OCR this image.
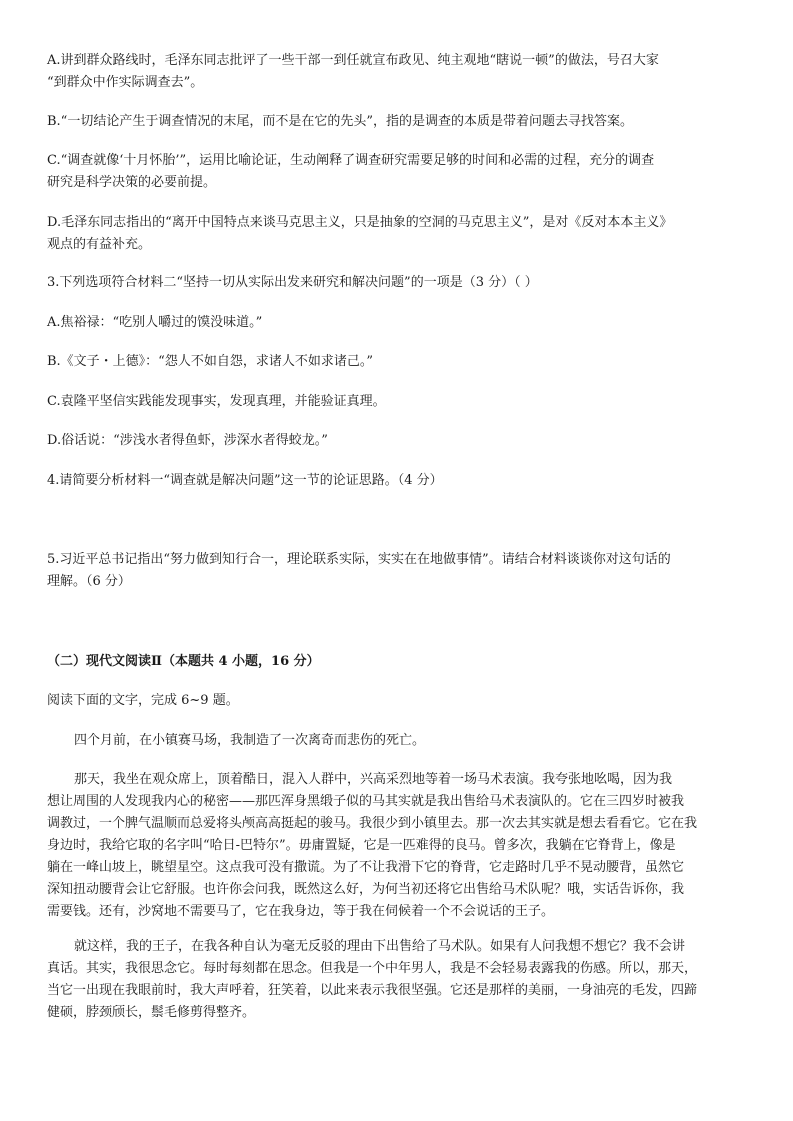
A.讲到群众路线时，毛泽东同志批评了一些干部一到任就宣布政见、纯主观地“瞎说一顿”的做法，号召大家
“到群众中作实际调查去”。
B.“一切结论产生于调查情况的末尾，而不是在它的先头”，指的是调查的本质是带着问题去寻找答案。
C.“调查就像‘十月怀胎’”，运用比喻论证，生动阐释了调查研究需要足够的时间和必需的过程，充分的调查
研究是科学决策的必要前提。
D.毛泽东同志指出的“离开中国特点来谈马克思主义，只是抽象的空洞的马克思主义”，是对《反对本本主义》
观点的有益补充。
3.下列选项符合材料二“坚持一切从实际出发来研究和解决问题”的一项是（3 分）（ ）
A.焦裕禄：“吃别人嚼过的馍没味道。”
B.《文子・上德》：“怨人不如自怨，求诸人不如求诸己。”
C.袁隆平坚信实践能发现事实，发现真理，并能验证真理。
D.俗话说：“涉浅水者得鱼虾，涉深水者得蛟龙。”
4.请简要分析材料一“调查就是解决问题”这一节的论证思路。（4 分）
5.习近平总书记指出“努力做到知行合一，理论联系实际，实实在在地做事情”。请结合材料谈谈你对这句话的
理解。（6 分）
（二）现代文阅读Ⅱ（本题共 4 小题，16 分）
阅读下面的文字，完成 6~9 题。
四个月前，在小镇赛马场，我制造了一次离奇而悲伤的死亡。
那天，我坐在观众席上，顶着酷日，混入人群中，兴高采烈地等着一场马术表演。我夸张地吆喝，因为我
想让周围的人发现我内心的秘密——那匹浑身黑缎子似的马其实就是我出售给马术表演队的。它在三四岁时被我
调教过，一个脾气温顺而总爱将头颅高高挺起的骏马。我很少到小镇里去。那一次去其实就是想去看看它。它在我
身边时，我给它取的名字叫“哈日-巴特尔”。毋庸置疑，它是一匹难得的良马。曾多次，我躺在它脊背上，像是
躺在一峰山坡上，眺望星空。这点我可没有撒谎。为了不让我滑下它的脊背，它走路时几乎不晃动腰背，虽然它
深知扭动腰背会让它舒服。也许你会问我，既然这么好，为何当初还将它出售给马术队呢？哦，实话告诉你，我
需要钱。还有，沙窝地不需要马了，它在我身边，等于我在伺候着一个不会说话的王子。
就这样，我的王子，在我各种自认为毫无反驳的理由下出售给了马术队。如果有人问我想不想它？我不会讲
真话。其实，我很思念它。每时每刻都在思念。但我是一个中年男人，我是不会轻易表露我的伤感。所以，那天，
当它一出现在我眼前时，我大声呼着，狂笑着，以此来表示我很坚强。它还是那样的美丽，一身油亮的毛发，四蹄
健硕，脖颈颀长，鬃毛修剪得整齐。
